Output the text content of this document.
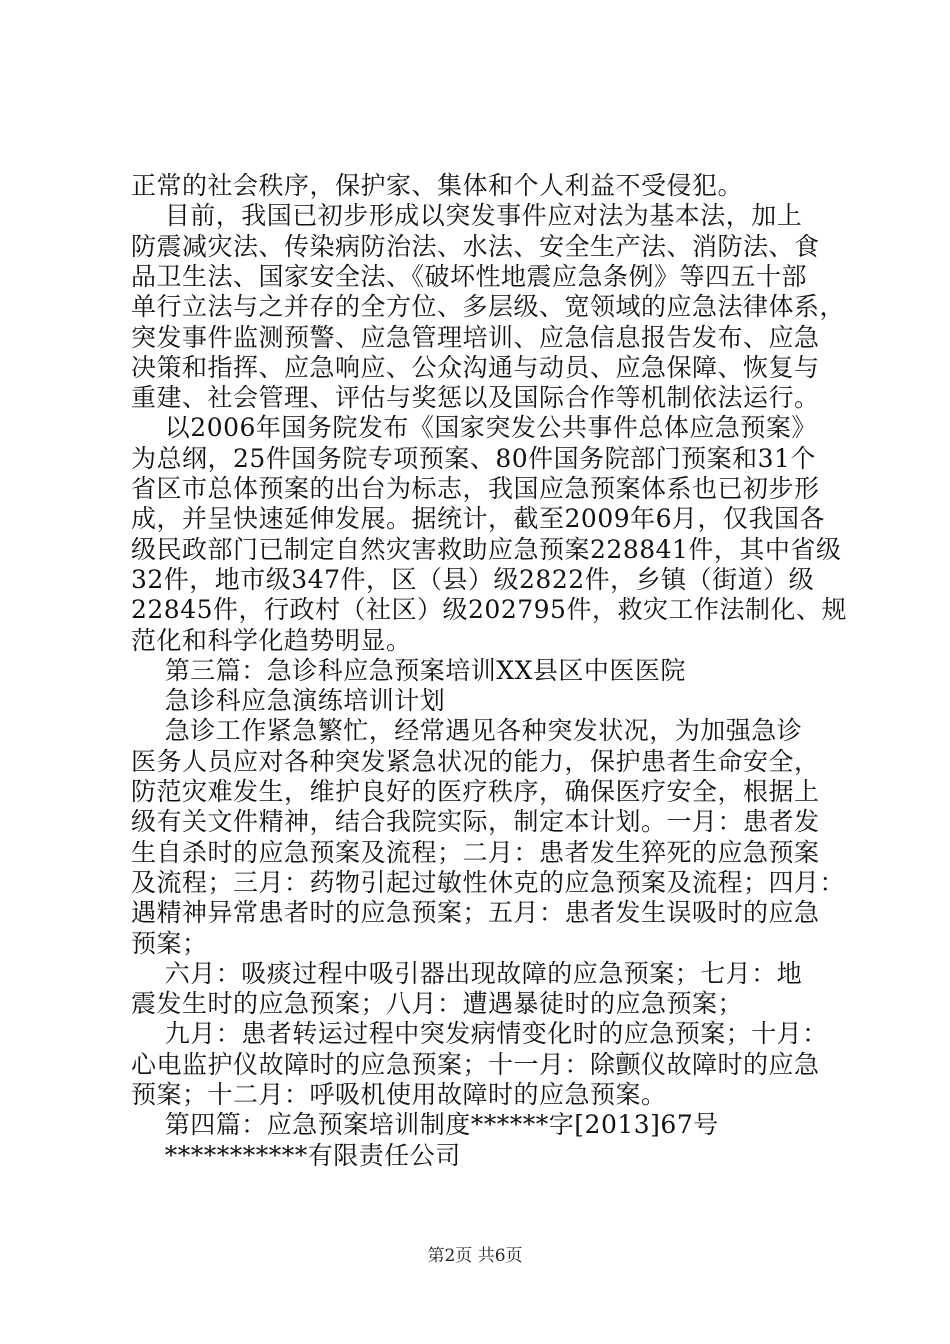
正常的社会秩序，保护家、集体和个人利益不受侵犯。
目前，我国已初步形成以突发事件应对法为基本法，加上
防震减灾法、传染病防治法、水法、安全生产法、消防法、食
品卫生法、国家安全法、《破坏性地震应急条例》等四五十部
单行立法与之并存的全方位、多层级、宽领域的应急法律体系，
突发事件监测预警、应急管理培训、应急信息报告发布、应急
决策和指挥、应急响应、公众沟通与动员、应急保障、恢复与
重建、社会管理、评估与奖惩以及国际合作等机制依法运行。
以2006年国务院发布《国家突发公共事件总体应急预案》
为总纲，25件国务院专项预案、80件国务院部门预案和31个
省区市总体预案的出台为标志，我国应急预案体系也已初步形
成，并呈快速延伸发展。据统计，截至2009年6月，仅我国各
级民政部门已制定自然灾害救助应急预案228841件，其中省级
32件，地市级347件，区（县）级2822件，乡镇（街道）级
22845件，行政村（社区）级202795件，救灾工作法制化、规
范化和科学化趋势明显。
第三篇：急诊科应急预案培训XX县区中医医院
急诊科应急演练培训计划
急诊工作紧急繁忙，经常遇见各种突发状况，为加强急诊
医务人员应对各种突发紧急状况的能力，保护患者生命安全，
防范灾难发生，维护良好的医疗秩序，确保医疗安全，根据上
级有关文件精神，结合我院实际，制定本计划。一月：患者发
生自杀时的应急预案及流程；二月：患者发生猝死的应急预案
及流程；三月：药物引起过敏性休克的应急预案及流程；四月：
遇精神异常患者时的应急预案；五月：患者发生误吸时的应急
预案；
六月：吸痰过程中吸引器出现故障的应急预案；七月：地
震发生时的应急预案；八月：遭遇暴徒时的应急预案；
九月：患者转运过程中突发病情变化时的应急预案；十月：
心电监护仪故障时的应急预案；十一月：除颤仪故障时的应急
预案；十二月：呼吸机使用故障时的应急预案。
第四篇：应急预案培训制度******字[2013]67号
***********有限责任公司
第2页 共6页
